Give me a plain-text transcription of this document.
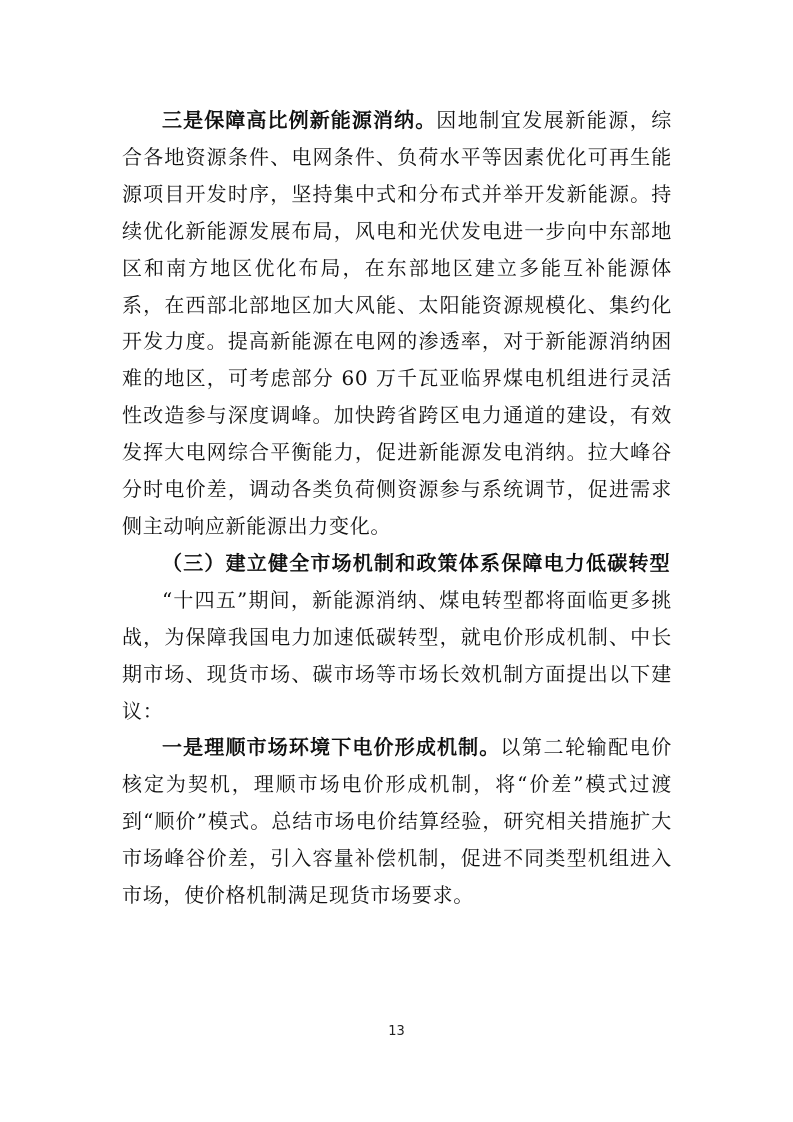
三是保障高比例新能源消纳。因地制宜发展新能源，综合各地资源条件、电网条件、负荷水平等因素优化可再生能源项目开发时序，坚持集中式和分布式并举开发新能源。持续优化新能源发展布局，风电和光伏发电进一步向中东部地区和南方地区优化布局，在东部地区建立多能互补能源体系，在西部北部地区加大风能、太阳能资源规模化、集约化开发力度。提高新能源在电网的渗透率，对于新能源消纳困难的地区，可考虑部分 60 万千瓦亚临界煤电机组进行灵活性改造参与深度调峰。加快跨省跨区电力通道的建设，有效发挥大电网综合平衡能力，促进新能源发电消纳。拉大峰谷分时电价差，调动各类负荷侧资源参与系统调节，促进需求侧主动响应新能源出力变化。

（三）建立健全市场机制和政策体系保障电力低碳转型

“十四五”期间，新能源消纳、煤电转型都将面临更多挑战，为保障我国电力加速低碳转型，就电价形成机制、中长期市场、现货市场、碳市场等市场长效机制方面提出以下建议：

一是理顺市场环境下电价形成机制。以第二轮输配电价核定为契机，理顺市场电价形成机制，将“价差”模式过渡到“顺价”模式。总结市场电价结算经验，研究相关措施扩大市场峰谷价差，引入容量补偿机制，促进不同类型机组进入市场，使价格机制满足现货市场要求。

13
